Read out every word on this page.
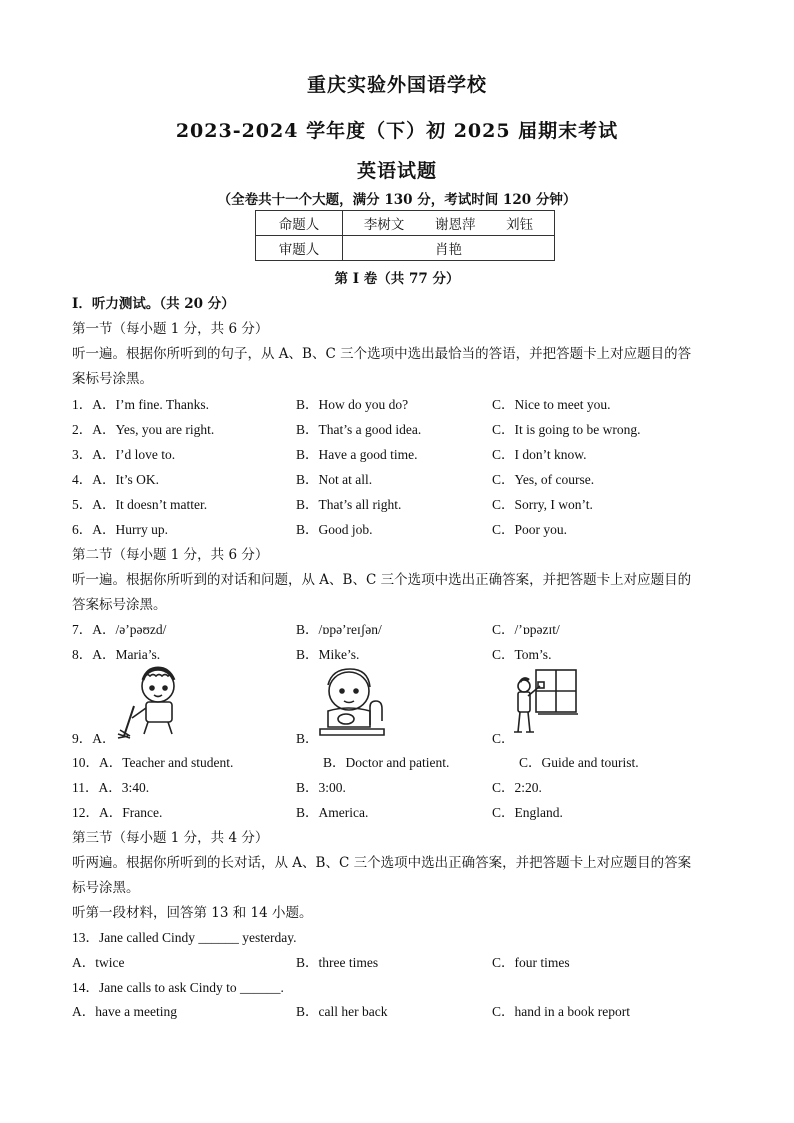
重庆实验外国语学校
2023-2024 学年度（下）初 2025 届期末考试
英语试题
（全卷共十一个大题，满分 130 分，考试时间 120 分钟）
命题人	李树文 谢恩萍 刘钰
审题人	肖艳
第 I 卷（共 77 分）
I．听力测试。（共 20 分）
第一节（每小题 1 分，共 6 分）
听一遍。根据你所听到的句子，从 A、B、C 三个选项中选出最恰当的答语，并把答题卡上对应题目的答
案标号涂黑。
1．A．I’m fine. Thanks.	B．How do you do?	C．Nice to meet you.
2．A．Yes, you are right.	B．That’s a good idea.	C．It is going to be wrong.
3．A．I’d love to.	B．Have a good time.	C．I don’t know.
4．A．It’s OK.	B．Not at all.	C．Yes, of course.
5．A．It doesn’t matter.	B．That’s all right.	C．Sorry, I won’t.
6．A．Hurry up.	B．Good job.	C．Poor you.
第二节（每小题 1 分，共 6 分）
听一遍。根据你所听到的对话和问题，从 A、B、C 三个选项中选出正确答案，并把答题卡上对应题目的
答案标号涂黑。
7．A．/ə’pəʊzd/	B．/ɒpə’reɪʃən/	C．/’ɒpəzɪt/
8．A．Maria’s.	B．Mike’s.	C．Tom’s.
9．A．	B．	C．
10．A．Teacher and student.	B．Doctor and patient.	C．Guide and tourist.
11．A．3:40.	B．3:00.	C．2:20.
12．A．France.	B．America.	C．England.
第三节（每小题 1 分，共 4 分）
听两遍。根据你所听到的长对话，从 A、B、C 三个选项中选出正确答案，并把答题卡上对应题目的答案
标号涂黑。
听第一段材料，回答第 13 和 14 小题。
13．Jane called Cindy ______ yesterday.
A．twice	B．three times	C．four times
14．Jane calls to ask Cindy to ______.
A．have a meeting	B．call her back	C．hand in a book report
